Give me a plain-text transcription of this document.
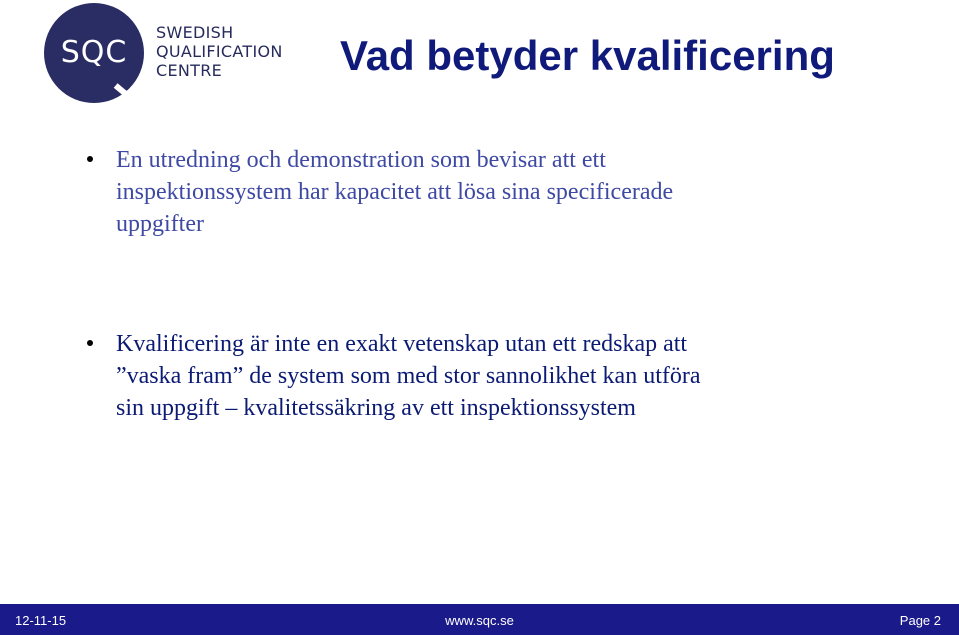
SQC
SWEDISH
QUALIFICATION
CENTRE	Vad betyder kvalificering
En utredning och demonstration som bevisar att ett
inspektionssystem har kapacitet att lösa sina specificerade
uppgifter
Kvalificering är inte en exakt vetenskap utan ett redskap att
”vaska fram” de system som med stor sannolikhet kan utföra
sin uppgift – kvalitetssäkring av ett inspektionssystem
12-11-15	www.sqc.se	Page 2
